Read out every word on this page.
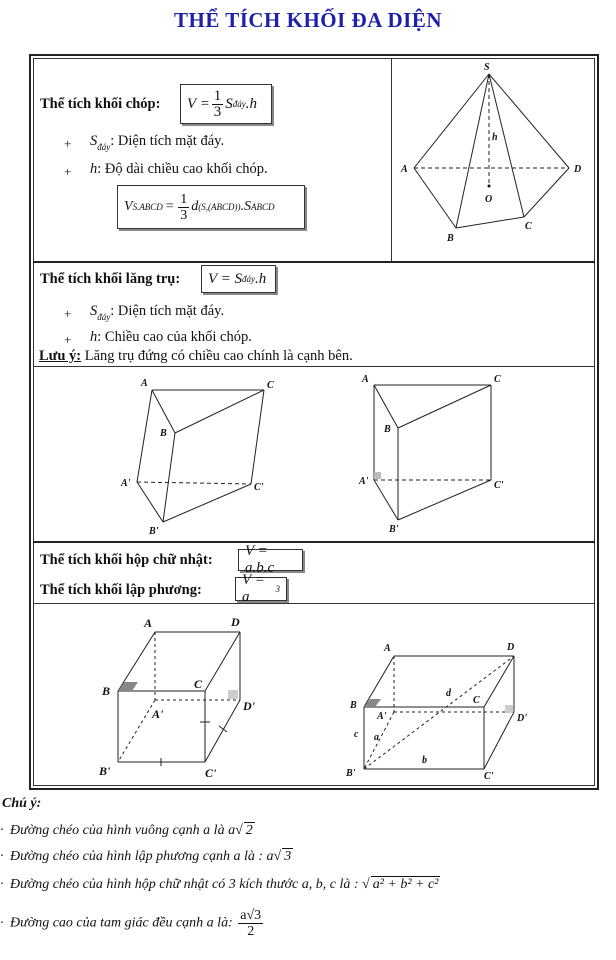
THỂ TÍCH KHỐI ĐA DIỆN
Thể tích khối chóp: $V = \frac{1}{3}$ S đáy .h
+ $S_{đáy}$: Diện tích mặt đáy.
+ h: Độ dài chiều cao khối chóp.
V S.ABCD = $\frac{1}{3}$ d (S,(ABCD)) .S ABCD
S
A	D
B
C
O
h
Thể tích khối lăng trụ: V = S đáy .h
+ $S_{đáy}$: Diện tích mặt đáy.
+ h: Chiều cao của khối chóp.
Lưu ý: Lăng trụ đứng có chiều cao chính là cạnh bên.
A	C
B
A'	C'
B'
A	C
B
A'	C'
B'
Thể tích khối hộp chữ nhật:
V = a.b.c
Thể tích khối lập phương:
V = a	3
A	D
B	C
A'
D'
B'	C'
A	D
B	C
A'	D'
B'	C'
a
b
c
d
Chú ý:
· Đường chéo của hình vuông cạnh a là a√ 2
· Đường chéo của hình lập phương cạnh a là : a√ 3
· Đường chéo của hình hộp chữ nhật có 3 kích thước a, b, c là : √ a² + b² + c²
· Đường cao của tam giác đều cạnh a là: $\frac{a√3}{2}$
